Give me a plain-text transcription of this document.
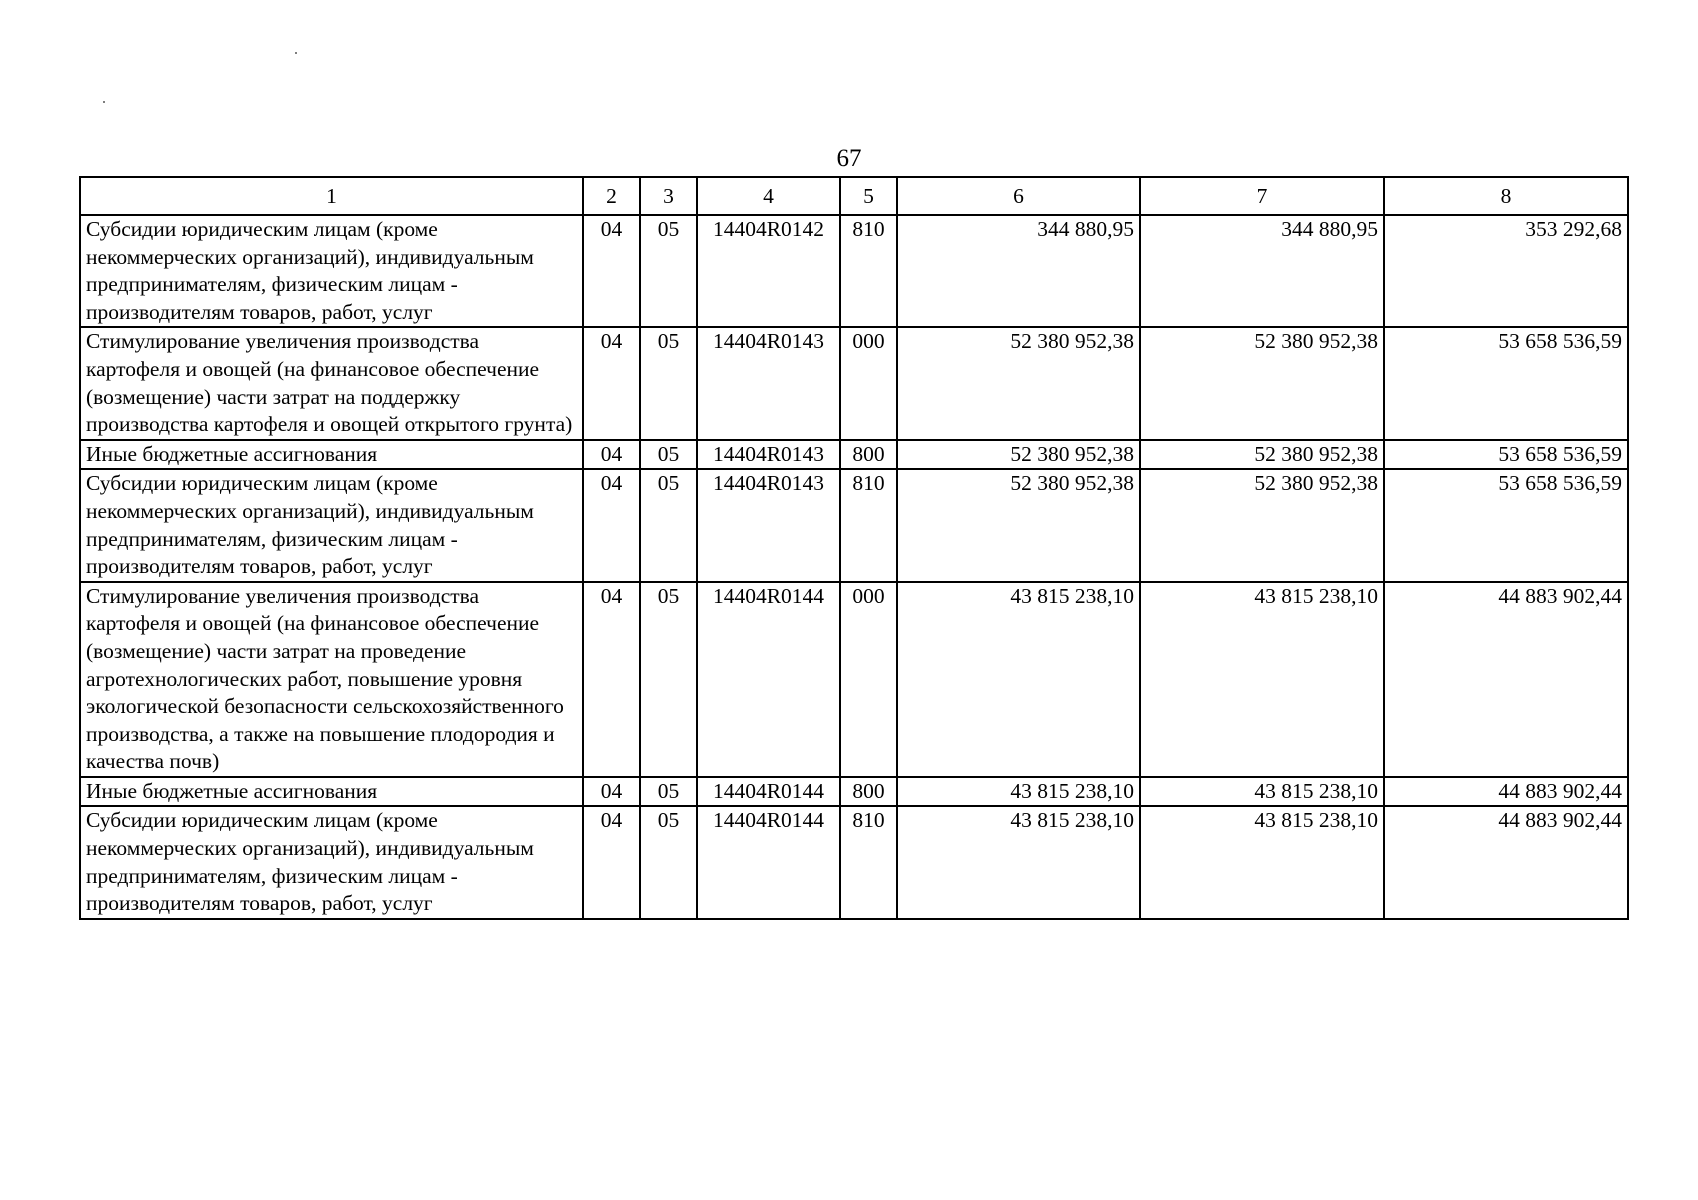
67
1	2	3	4	5	6	7	8
Субсидии юридическим лицам (кроме некоммерческих организаций), индивидуальным предпринимателям, физическим лицам - производителям товаров, работ, услуг	04	05	14404R0142	810	344 880,95	344 880,95	353 292,68
Стимулирование увеличения производства картофеля и овощей (на финансовое обеспечение (возмещение) части затрат на поддержку производства картофеля и овощей открытого грунта)	04	05	14404R0143	000	52 380 952,38	52 380 952,38	53 658 536,59
Иные бюджетные ассигнования	04	05	14404R0143	800	52 380 952,38	52 380 952,38	53 658 536,59
Субсидии юридическим лицам (кроме некоммерческих организаций), индивидуальным предпринимателям, физическим лицам - производителям товаров, работ, услуг	04	05	14404R0143	810	52 380 952,38	52 380 952,38	53 658 536,59
Стимулирование увеличения производства картофеля и овощей (на финансовое обеспечение (возмещение) части затрат на проведение агротехнологических работ, повышение уровня экологической безопасности сельскохозяйственного производства, а также на повышение плодородия и качества почв)	04	05	14404R0144	000	43 815 238,10	43 815 238,10	44 883 902,44
Иные бюджетные ассигнования	04	05	14404R0144	800	43 815 238,10	43 815 238,10	44 883 902,44
Субсидии юридическим лицам (кроме некоммерческих организаций), индивидуальным предпринимателям, физическим лицам - производителям товаров, работ, услуг	04	05	14404R0144	810	43 815 238,10	43 815 238,10	44 883 902,44
